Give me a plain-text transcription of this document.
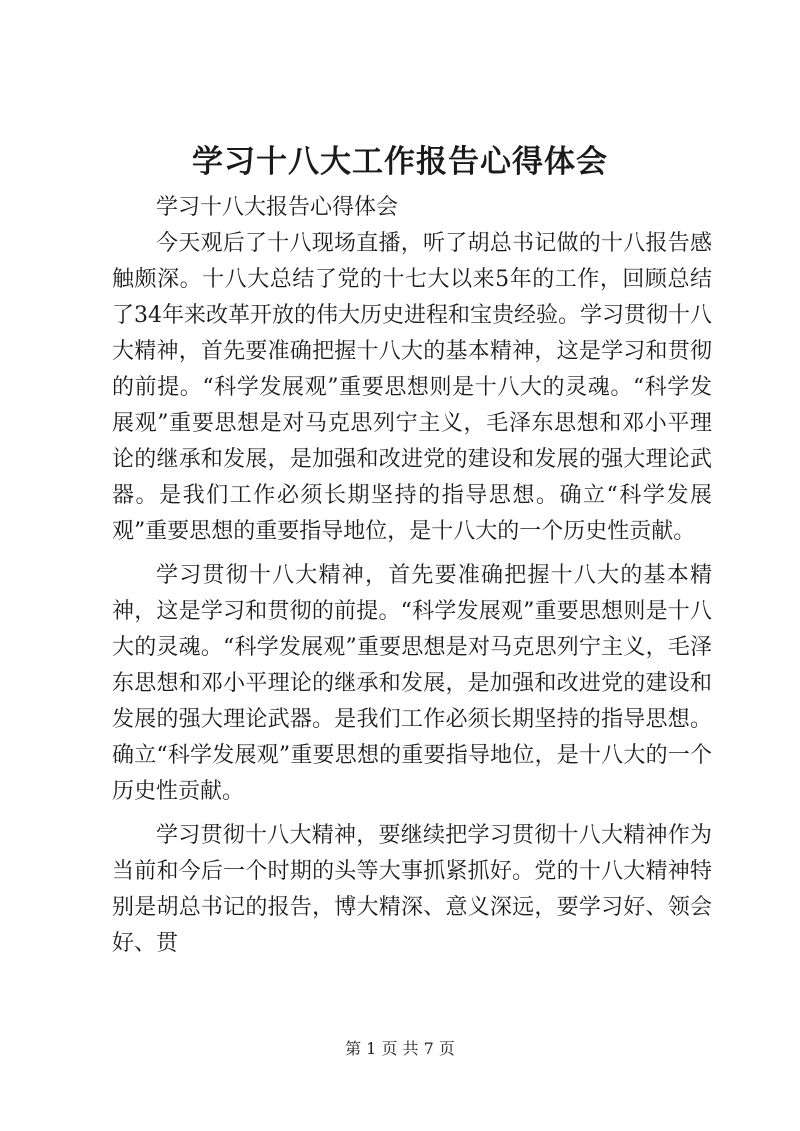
学习十八大工作报告心得体会

学习十八大报告心得体会

今天观后了十八现场直播，听了胡总书记做的十八报告感触颇深。十八大总结了党的十七大以来5年的工作，回顾总结了34年来改革开放的伟大历史进程和宝贵经验。学习贯彻十八大精神，首先要准确把握十八大的基本精神，这是学习和贯彻的前提。“科学发展观”重要思想则是十八大的灵魂。“科学发展观”重要思想是对马克思列宁主义，毛泽东思想和邓小平理论的继承和发展，是加强和改进党的建设和发展的强大理论武器。是我们工作必须长期坚持的指导思想。确立“科学发展观”重要思想的重要指导地位，是十八大的一个历史性贡献。

学习贯彻十八大精神，首先要准确把握十八大的基本精神，这是学习和贯彻的前提。“科学发展观”重要思想则是十八大的灵魂。“科学发展观”重要思想是对马克思列宁主义，毛泽东思想和邓小平理论的继承和发展，是加强和改进党的建设和发展的强大理论武器。是我们工作必须长期坚持的指导思想。确立“科学发展观”重要思想的重要指导地位，是十八大的一个历史性贡献。

学习贯彻十八大精神，要继续把学习贯彻十八大精神作为当前和今后一个时期的头等大事抓紧抓好。党的十八大精神特别是胡总书记的报告，博大精深、意义深远，要学习好、领会好、贯

第 1 页 共 7 页
